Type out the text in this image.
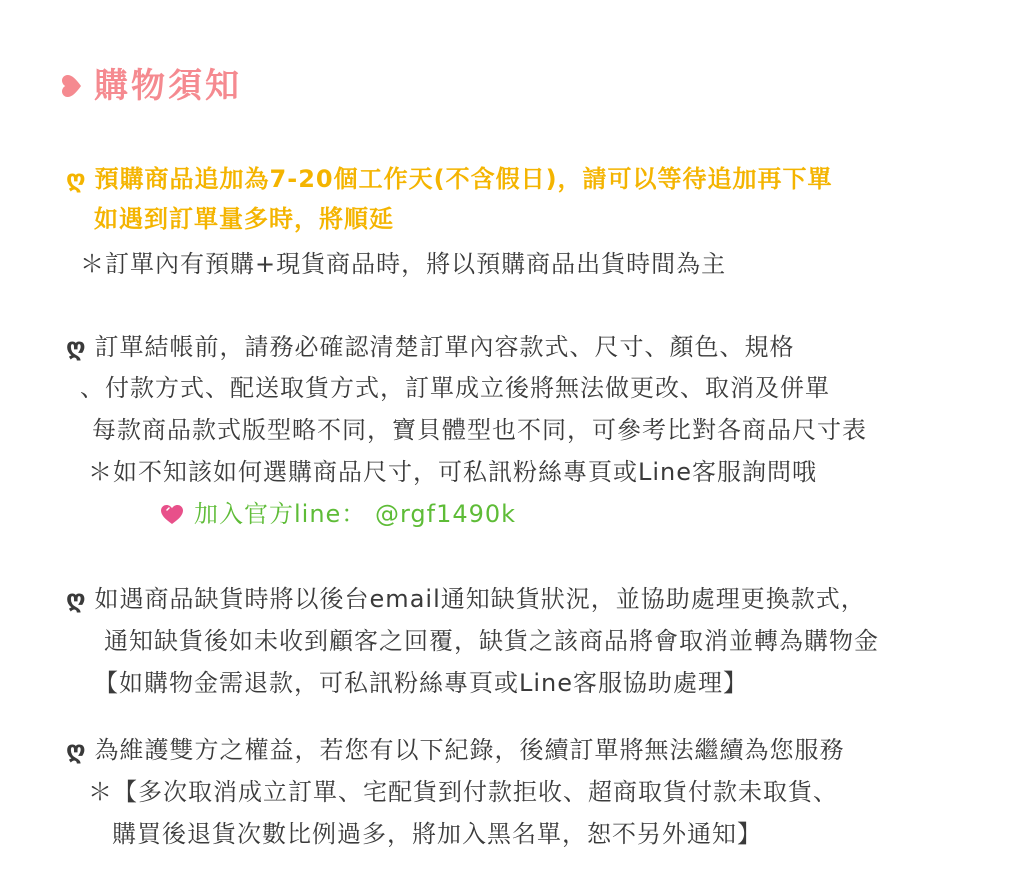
購物須知
ღ 預購商品追加為7-20個工作天(不含假日)，請可以等待追加再下單
如遇到訂單量多時，將順延
＊訂單內有預購+現貨商品時，將以預購商品出貨時間為主
ღ 訂單結帳前，請務必確認清楚訂單內容款式、尺寸、顏色、規格
、付款方式、配送取貨方式，訂單成立後將無法做更改、取消及併單
每款商品款式版型略不同，寶貝體型也不同，可參考比對各商品尺寸表
＊如不知該如何選購商品尺寸，可私訊粉絲專頁或Line客服詢問哦
加入官方line： @rgf1490k
ღ 如遇商品缺貨時將以後台email通知缺貨狀況，並協助處理更換款式，
通知缺貨後如未收到顧客之回覆，缺貨之該商品將會取消並轉為購物金
【如購物金需退款，可私訊粉絲專頁或Line客服協助處理】
ღ 為維護雙方之權益，若您有以下紀錄，後續訂單將無法繼續為您服務
＊【多次取消成立訂單、宅配貨到付款拒收、超商取貨付款未取貨、
購買後退貨次數比例過多，將加入黑名單，恕不另外通知】
